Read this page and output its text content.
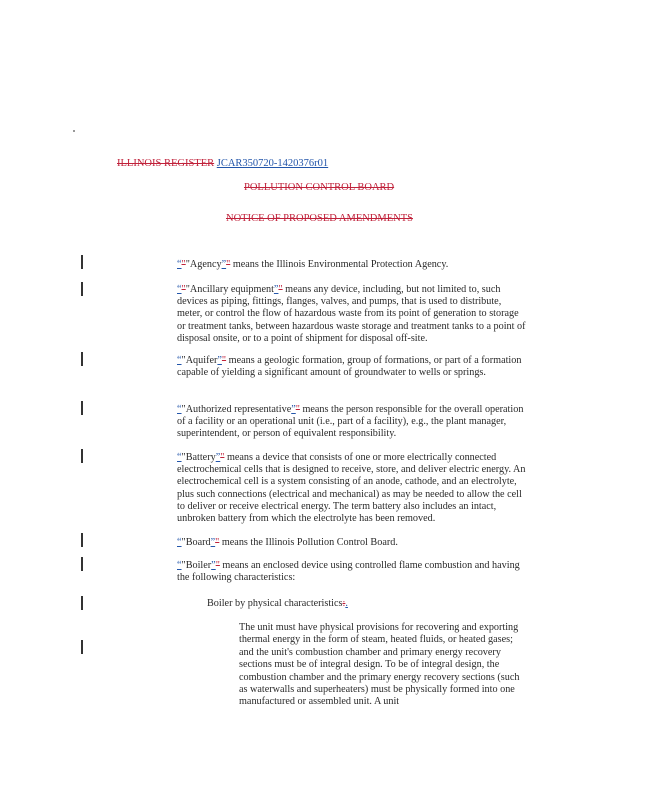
ILLINOIS REGISTER JCAR350720-1420376r01
POLLUTION CONTROL BOARD
NOTICE OF PROPOSED AMENDMENTS

“""Agency”" means the Illinois Environmental Protection Agency.

“""Ancillary equipment”" means any device, including, but not limited to, such devices as piping, fittings, flanges, valves, and pumps, that is used to distribute, meter, or control the flow of hazardous waste from its point of generation to storage or treatment tanks, between hazardous waste storage and treatment tanks to a point of disposal onsite, or to a point of shipment for disposal off-site.

“"Aquifer”" means a geologic formation, group of formations, or part of a formation capable of yielding a significant amount of groundwater to wells or springs.

“"Authorized representative”" means the person responsible for the overall operation of a facility or an operational unit (i.e., part of a facility), e.g., the plant manager, superintendent, or person of equivalent responsibility.

“"Battery”" means a device that consists of one or more electrically connected electrochemical cells that is designed to receive, store, and deliver electric energy. An electrochemical cell is a system consisting of an anode, cathode, and an electrolyte, plus such connections (electrical and mechanical) as may be needed to allow the cell to deliver or receive electrical energy. The term battery also includes an intact, unbroken battery from which the electrolyte has been removed.

“"Board”" means the Illinois Pollution Control Board.

“"Boiler”" means an enclosed device using controlled flame combustion and having the following characteristics:

Boiler by physical characteristics:.
The unit must have physical provisions for recovering and exporting thermal energy in the form of steam, heated fluids, or heated gases; and the unit's combustion chamber and primary energy recovery sections must be of integral design. To be of integral design, the combustion chamber and the primary energy recovery sections (such as waterwalls and superheaters) must be physically formed into one manufactured or assembled unit. A unit
